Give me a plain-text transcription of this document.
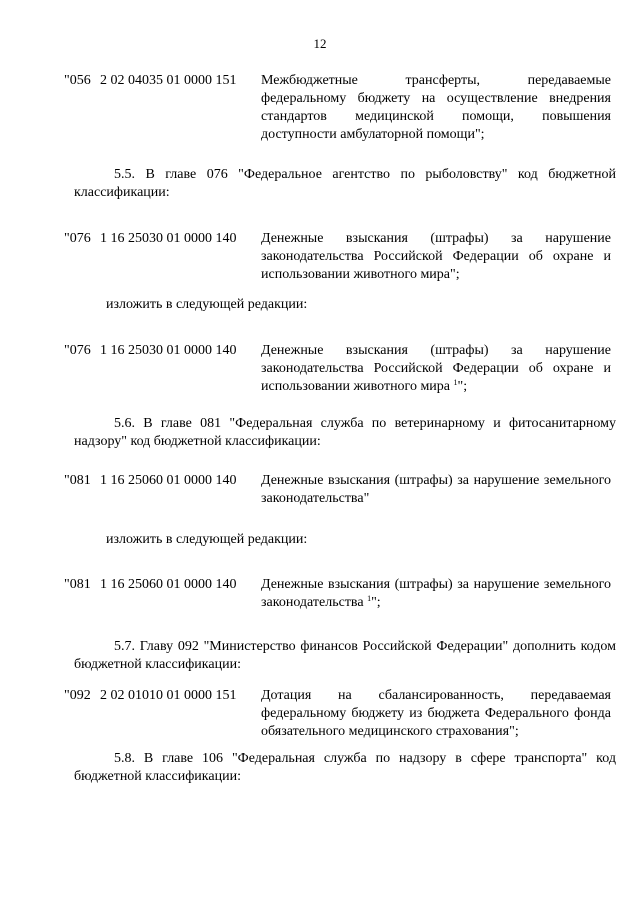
12
"056 2 02 04035 01 0000 151 Межбюджетные трансферты, передаваемые федеральному бюджету на осуществление внедрения стандартов медицинской помощи, повышения доступности амбулаторной помощи";
5.5. В главе 076 "Федеральное агентство по рыболовству" код бюджетной классификации:
"076 1 16 25030 01 0000 140 Денежные взыскания (штрафы) за нарушение законодательства Российской Федерации об охране и использовании животного мира";
изложить в следующей редакции:
"076 1 16 25030 01 0000 140 Денежные взыскания (штрафы) за нарушение законодательства Российской Федерации об охране и использовании животного мира $^1$";
5.6. В главе 081 "Федеральная служба по ветеринарному и фитосанитарному надзору" код бюджетной классификации:
"081 1 16 25060 01 0000 140 Денежные взыскания (штрафы) за нарушение земельного законодательства"
изложить в следующей редакции:
"081 1 16 25060 01 0000 140 Денежные взыскания (штрафы) за нарушение земельного законодательства $^1$";
5.7. Главу 092 "Министерство финансов Российской Федерации" дополнить кодом бюджетной классификации:
"092 2 02 01010 01 0000 151 Дотация на сбалансированность, передаваемая федеральному бюджету из бюджета Федерального фонда обязательного медицинского страхования";
5.8. В главе 106 "Федеральная служба по надзору в сфере транспорта" код бюджетной классификации:
